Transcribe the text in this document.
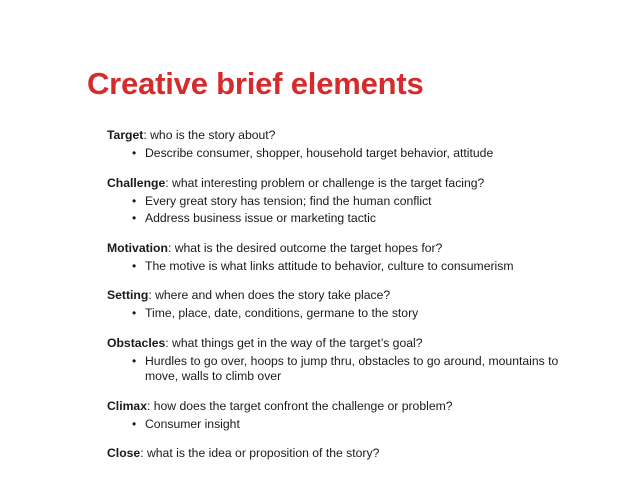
Creative brief elements
Target: who is the story about?
• Describe consumer, shopper, household target behavior, attitude
Challenge: what interesting problem or challenge is the target facing?
• Every great story has tension; find the human conflict
• Address business issue or marketing tactic
Motivation: what is the desired outcome the target hopes for?
• The motive is what links attitude to behavior, culture to consumerism
Setting: where and when does the story take place?
• Time, place, date, conditions, germane to the story
Obstacles: what things get in the way of the target’s goal?
• Hurdles to go over, hoops to jump thru, obstacles to go around, mountains to move, walls to climb over
Climax: how does the target confront the challenge or problem?
• Consumer insight
Close: what is the idea or proposition of the story?
